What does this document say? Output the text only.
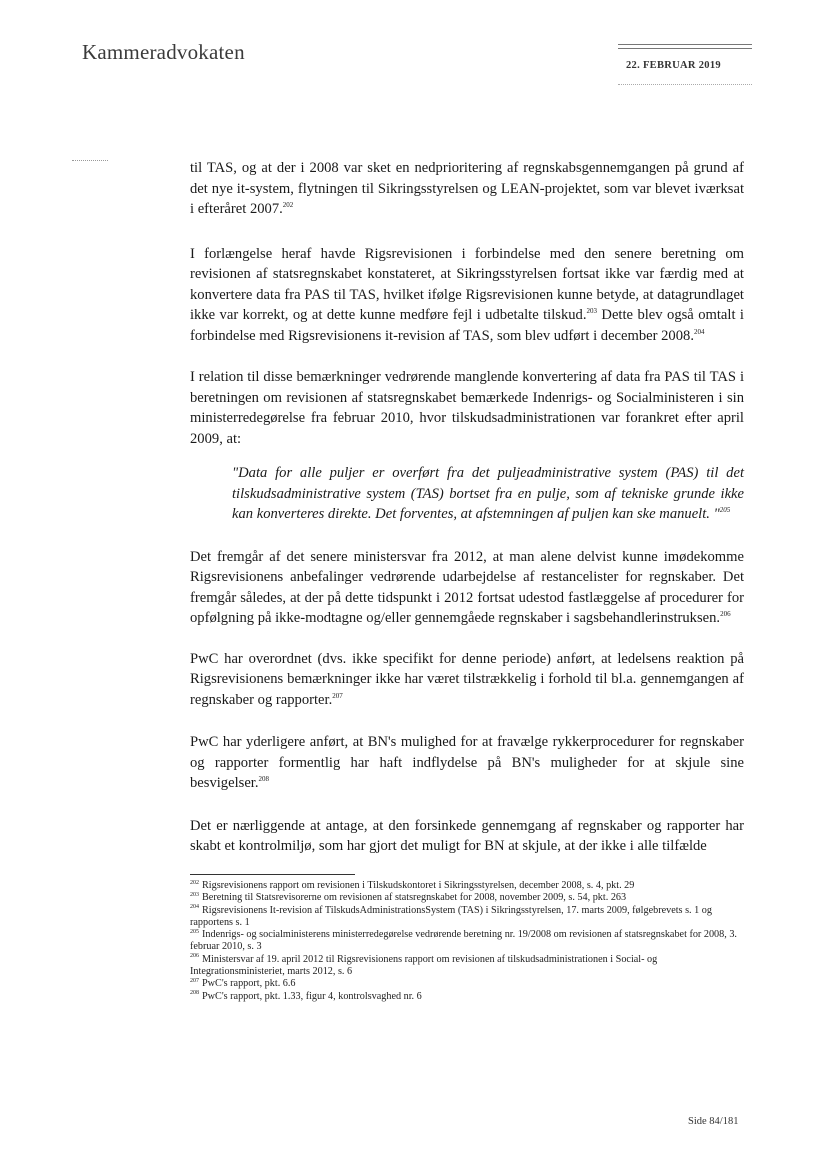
Kammeradvokaten
22. FEBRUAR 2019

til TAS, og at der i 2008 var sket en nedprioritering af regnskabsgennemgangen på grund af det nye it-system, flytningen til Sikringsstyrelsen og LEAN-projektet, som var blevet iværksat i efteråret 2007.$^{202}$

I forlængelse heraf havde Rigsrevisionen i forbindelse med den senere beretning om revisionen af statsregnskabet konstateret, at Sikringsstyrelsen fortsat ikke var færdig med at konvertere data fra PAS til TAS, hvilket ifølge Rigsrevisionen kunne betyde, at datagrundlaget ikke var korrekt, og at dette kunne medføre fejl i udbetalte tilskud.$^{203}$ Dette blev også omtalt i forbindelse med Rigsrevisionens it-revision af TAS, som blev udført i december 2008.$^{204}$

I relation til disse bemærkninger vedrørende manglende konvertering af data fra PAS til TAS i beretningen om revisionen af statsregnskabet bemærkede Indenrigs- og Socialministeren i sin ministerredegørelse fra februar 2010, hvor tilskudsadministrationen var forankret efter april 2009, at:

"Data for alle puljer er overført fra det puljeadministrative system (PAS) til det tilskudsadministrative system (TAS) bortset fra en pulje, som af tekniske grunde ikke kan konverteres direkte. Det forventes, at afstemningen af puljen kan ske manuelt. "$^{205}$

Det fremgår af det senere ministersvar fra 2012, at man alene delvist kunne imødekomme Rigsrevisionens anbefalinger vedrørende udarbejdelse af restancelister for regnskaber. Det fremgår således, at der på dette tidspunkt i 2012 fortsat udestod fastlæggelse af procedurer for opfølgning på ikke-modtagne og/eller gennemgåede regnskaber i sagsbehandlerinstruksen.$^{206}$

PwC har overordnet (dvs. ikke specifikt for denne periode) anført, at ledelsens reaktion på Rigsrevisionens bemærkninger ikke har været tilstrækkelig i forhold til bl.a. gennemgangen af regnskaber og rapporter.$^{207}$

PwC har yderligere anført, at BN's mulighed for at fravælge rykkerprocedurer for regnskaber og rapporter formentlig har haft indflydelse på BN's muligheder for at skjule sine besvigelser.$^{208}$

Det er nærliggende at antage, at den forsinkede gennemgang af regnskaber og rapporter har skabt et kontrolmiljø, som har gjort det muligt for BN at skjule, at der ikke i alle tilfælde

$^{202}$ Rigsrevisionens rapport om revisionen i Tilskudskontoret i Sikringsstyrelsen, december 2008, s. 4, pkt. 29

$^{203}$ Beretning til Statsrevisorerne om revisionen af statsregnskabet for 2008, november 2009, s. 54, pkt. 263

$^{204}$ Rigsrevisionens It-revision af TilskudsAdministrationsSystem (TAS) i Sikringsstyrelsen, 17. marts 2009, følgebrevets s. 1 og rapportens s. 1

$^{205}$ Indenrigs- og socialministerens ministerredegørelse vedrørende beretning nr. 19/2008 om revisionen af statsregnskabet for 2008, 3. februar 2010, s. 3

$^{206}$ Ministersvar af 19. april 2012 til Rigsrevisionens rapport om revisionen af tilskudsadministrationen i Social- og Integrationsministeriet, marts 2012, s. 6

$^{207}$ PwC's rapport, pkt. 6.6

$^{208}$ PwC's rapport, pkt. 1.33, figur 4, kontrolsvaghed nr. 6

Side 84/181
